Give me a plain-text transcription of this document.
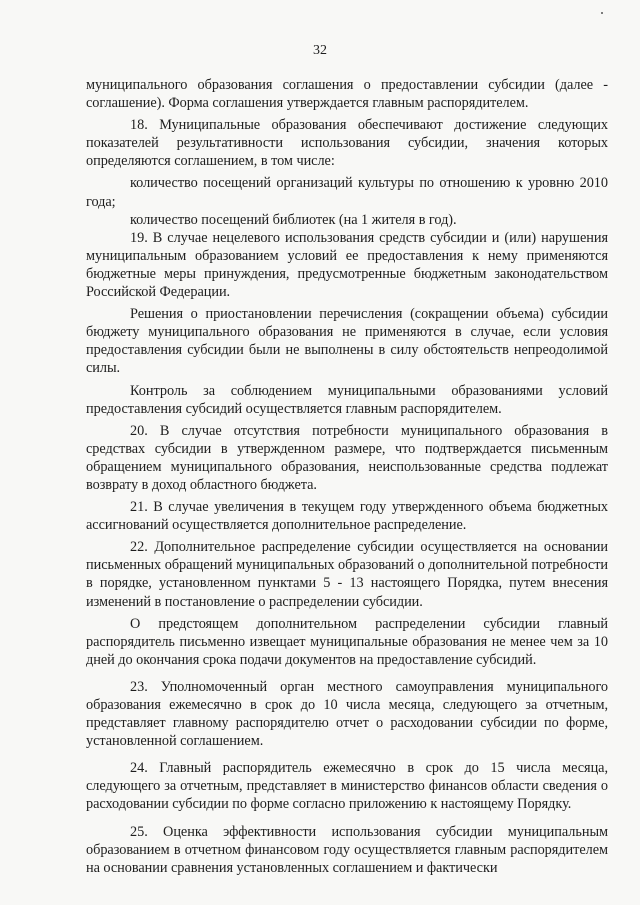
32

муниципального образования соглашения о предоставлении субсидии (далее - соглашение). Форма соглашения утверждается главным распорядителем.

18. Муниципальные образования обеспечивают достижение следующих показателей результативности использования субсидии, значения которых определяются соглашением, в том числе:

количество посещений организаций культуры по отношению к уровню 2010 года;

количество посещений библиотек (на 1 жителя в год).

19. В случае нецелевого использования средств субсидии и (или) нарушения муниципальным образованием условий ее предоставления к нему применяются бюджетные меры принуждения, предусмотренные бюджетным законодательством Российской Федерации.

Решения о приостановлении перечисления (сокращении объема) субсидии бюджету муниципального образования не применяются в случае, если условия предоставления субсидии были не выполнены в силу обстоятельств непреодолимой силы.

Контроль за соблюдением муниципальными образованиями условий предоставления субсидий осуществляется главным распорядителем.

20. В случае отсутствия потребности муниципального образования в средствах субсидии в утвержденном размере, что подтверждается письменным обращением муниципального образования, неиспользованные средства подлежат возврату в доход областного бюджета.

21. В случае увеличения в текущем году утвержденного объема бюджетных ассигнований осуществляется дополнительное распределение.

22. Дополнительное распределение субсидии осуществляется на основании письменных обращений муниципальных образований о дополнительной потребности в порядке, установленном пунктами 5 - 13 настоящего Порядка, путем внесения изменений в постановление о распределении субсидии.

О предстоящем дополнительном распределении субсидии главный распорядитель письменно извещает муниципальные образования не менее чем за 10 дней до окончания срока подачи документов на предоставление субсидий.

23. Уполномоченный орган местного самоуправления муниципального образования ежемесячно в срок до 10 числа месяца, следующего за отчетным, представляет главному распорядителю отчет о расходовании субсидии по форме, установленной соглашением.

24. Главный распорядитель ежемесячно в срок до 15 числа месяца, следующего за отчетным, представляет в министерство финансов области сведения о расходовании субсидии по форме согласно приложению к настоящему Порядку.

25. Оценка эффективности использования субсидии муниципальным образованием в отчетном финансовом году осуществляется главным распорядителем на основании сравнения установленных соглашением и фактически
